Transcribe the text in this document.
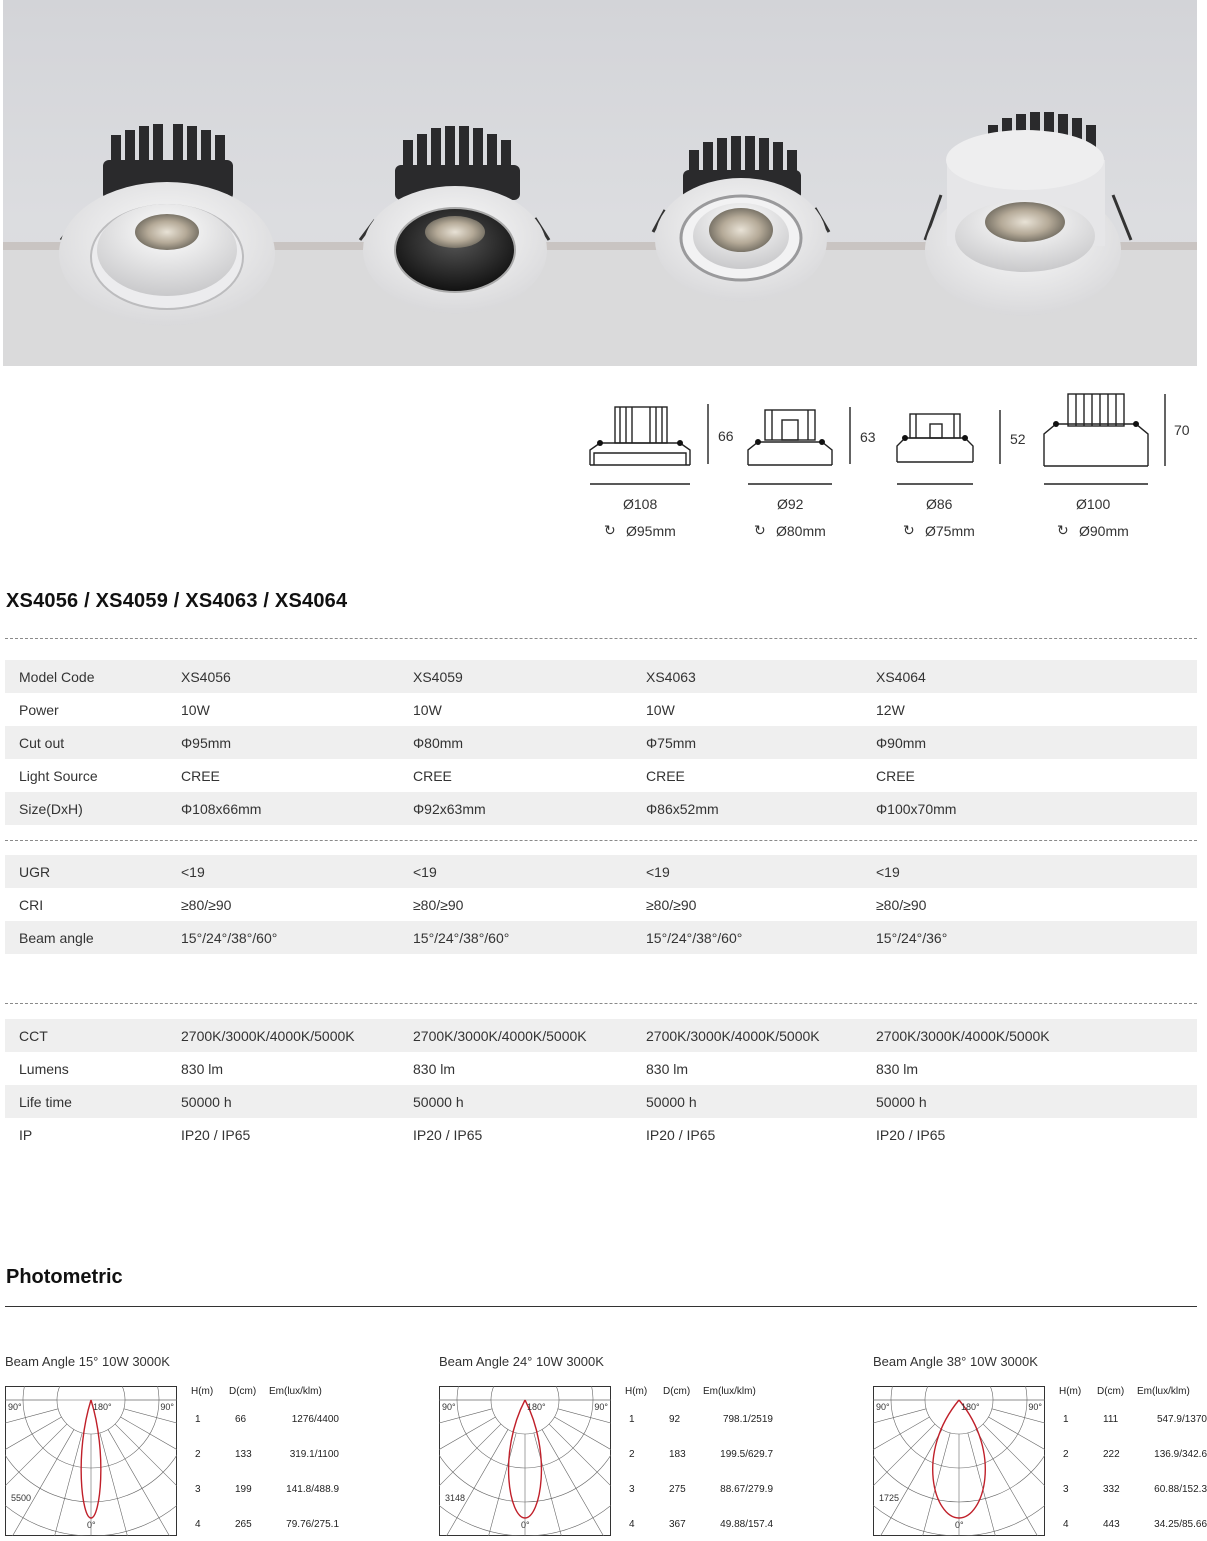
66	63	52
70
Ø108	Ø92	Ø86	Ø100
↻ Ø95mm	↻ Ø80mm	↻ Ø75mm	↻ Ø90mm
XS4056 / XS4059 / XS4063 / XS4064
Model Code	XS4056	XS4059	XS4063	XS4064
Power	10W	10W	10W	12W
Cut out	Φ95mm	Φ80mm	Φ75mm	Φ90mm
Light Source	CREE	CREE	CREE	CREE
Size(DxH)	Φ108x66mm	Φ92x63mm	Φ86x52mm	Φ100x70mm
UGR	<19	<19	<19	<19
CRI	≥80/≥90	≥80/≥90	≥80/≥90	≥80/≥90
Beam angle	15°/24°/38°/60°	15°/24°/38°/60°	15°/24°/38°/60°	15°/24°/36°
CCT	2700K/3000K/4000K/5000K	2700K/3000K/4000K/5000K	2700K/3000K/4000K/5000K	2700K/3000K/4000K/5000K
Lumens	830 lm	830 lm	830 lm	830 lm
Life time	50000 h	50000 h	50000 h	50000 h
IP	IP20 / IP65	IP20 / IP65	IP20 / IP65	IP20 / IP65
Photometric
Beam Angle 15° 10W 3000K
90°	180°	90°
0°
5500
H(m) D(cm) Em(lux/klm)
1	66	1276/4400
2	133	319.1/1100
3	199	141.8/488.9
4	265	79.76/275.1
Beam Angle 24° 10W 3000K
90°	180°	90°
0°
3148
H(m) D(cm) Em(lux/klm)
1	92	798.1/2519
2	183	199.5/629.7
3	275	88.67/279.9
4	367	49.88/157.4
Beam Angle 38° 10W 3000K
90°	180°	90°
0°
1725
H(m) D(cm) Em(lux/klm)
1	111	547.9/1370
2	222	136.9/342.6
3	332	60.88/152.3
4	443	34.25/85.66
